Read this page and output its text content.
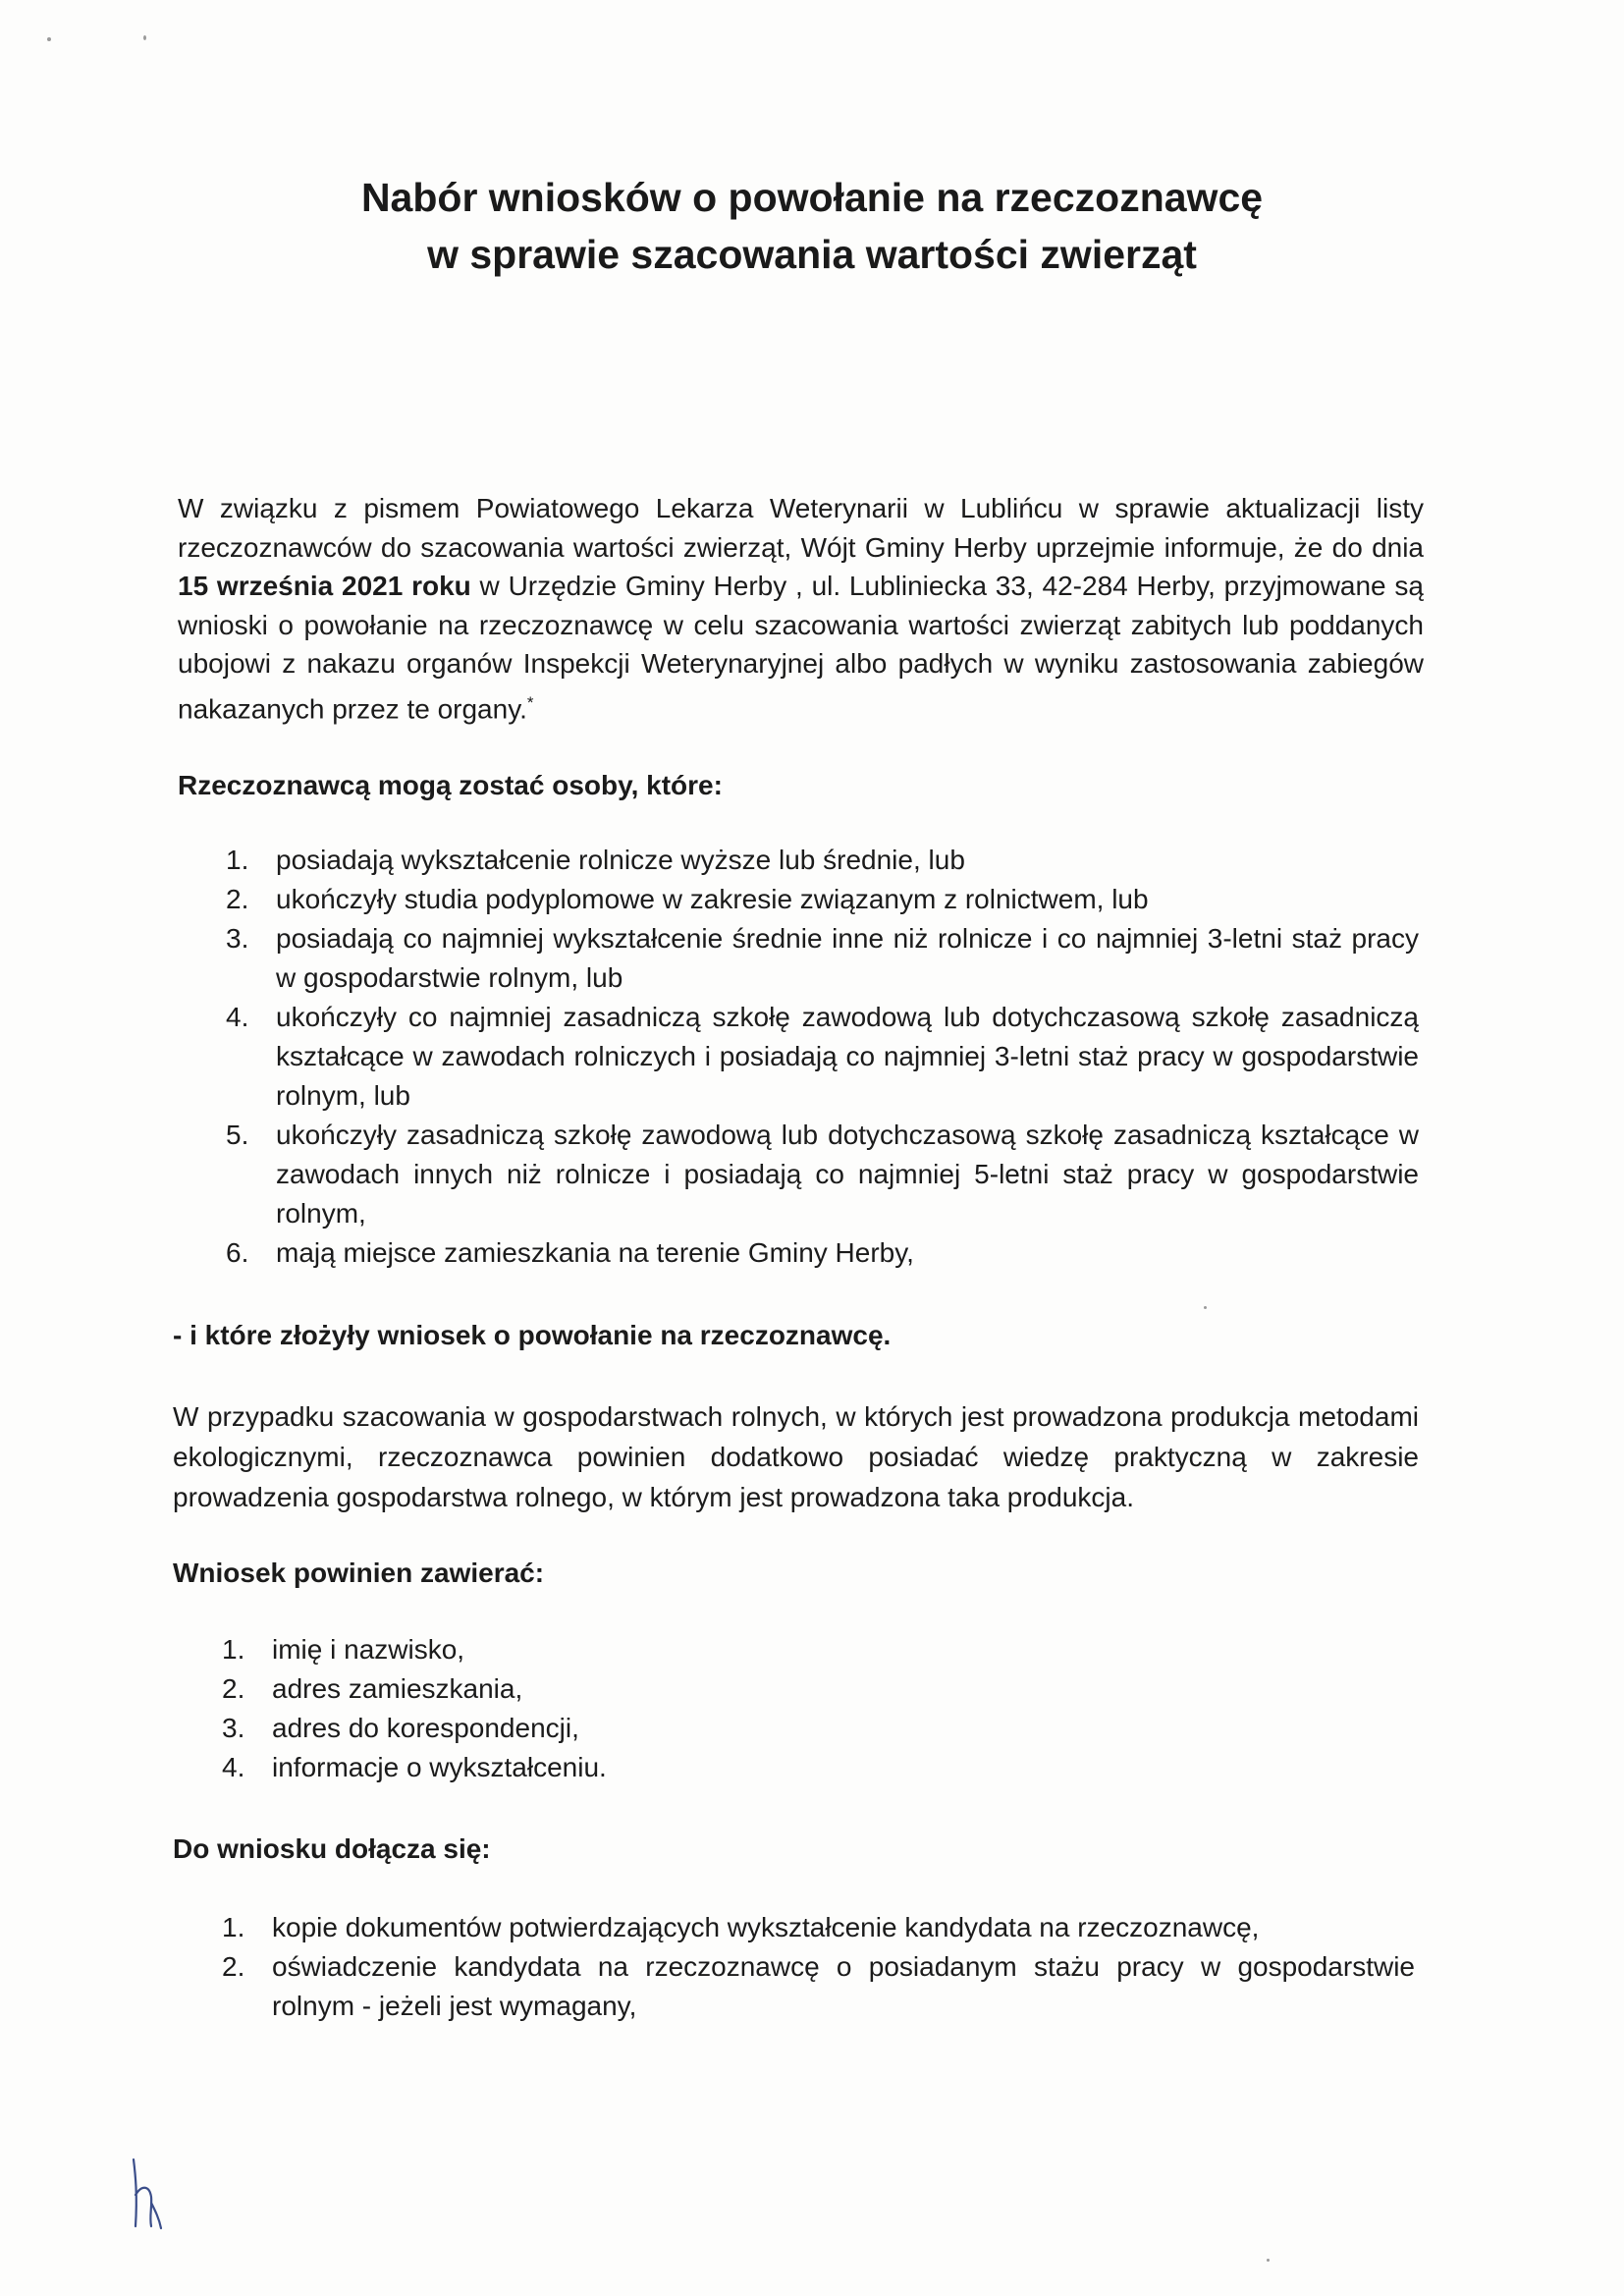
Nabór wniosków o powołanie na rzeczoznawcę
w sprawie szacowania wartości zwierząt
W związku z pismem Powiatowego Lekarza Weterynarii w Lublińcu w sprawie aktualizacji listy rzeczoznawców do szacowania wartości zwierząt, Wójt Gminy Herby uprzejmie informuje, że do dnia 15 września 2021 roku w Urzędzie Gminy Herby , ul. Lubliniecka 33, 42-284 Herby, przyjmowane są wnioski o powołanie na rzeczoznawcę w celu szacowania wartości zwierząt zabitych lub poddanych ubojowi z nakazu organów Inspekcji Weterynaryjnej albo padłych w wyniku zastosowania zabiegów nakazanych przez te organy.*
Rzeczoznawcą mogą zostać osoby, które:
1. posiadają wykształcenie rolnicze wyższe lub średnie, lub
2. ukończyły studia podyplomowe w zakresie związanym z rolnictwem, lub
3. posiadają co najmniej wykształcenie średnie inne niż rolnicze i co najmniej 3-letni staż pracy w gospodarstwie rolnym, lub
4. ukończyły co najmniej zasadniczą szkołę zawodową lub dotychczasową szkołę zasadniczą kształcące w zawodach rolniczych i posiadają co najmniej 3-letni staż pracy w gospodarstwie rolnym, lub
5. ukończyły zasadniczą szkołę zawodową lub dotychczasową szkołę zasadniczą kształcące w zawodach innych niż rolnicze i posiadają co najmniej 5-letni staż pracy w gospodarstwie rolnym,
6. mają miejsce zamieszkania na terenie Gminy Herby,
- i które złożyły wniosek o powołanie na rzeczoznawcę.
W przypadku szacowania w gospodarstwach rolnych, w których jest prowadzona produkcja metodami ekologicznymi, rzeczoznawca powinien dodatkowo posiadać wiedzę praktyczną w zakresie prowadzenia gospodarstwa rolnego, w którym jest prowadzona taka produkcja.
Wniosek powinien zawierać:
1. imię i nazwisko,
2. adres zamieszkania,
3. adres do korespondencji,
4. informacje o wykształceniu.
Do wniosku dołącza się:
1. kopie dokumentów potwierdzających wykształcenie kandydata na rzeczoznawcę,
2. oświadczenie kandydata na rzeczoznawcę o posiadanym stażu pracy w gospodarstwie rolnym - jeżeli jest wymagany,
